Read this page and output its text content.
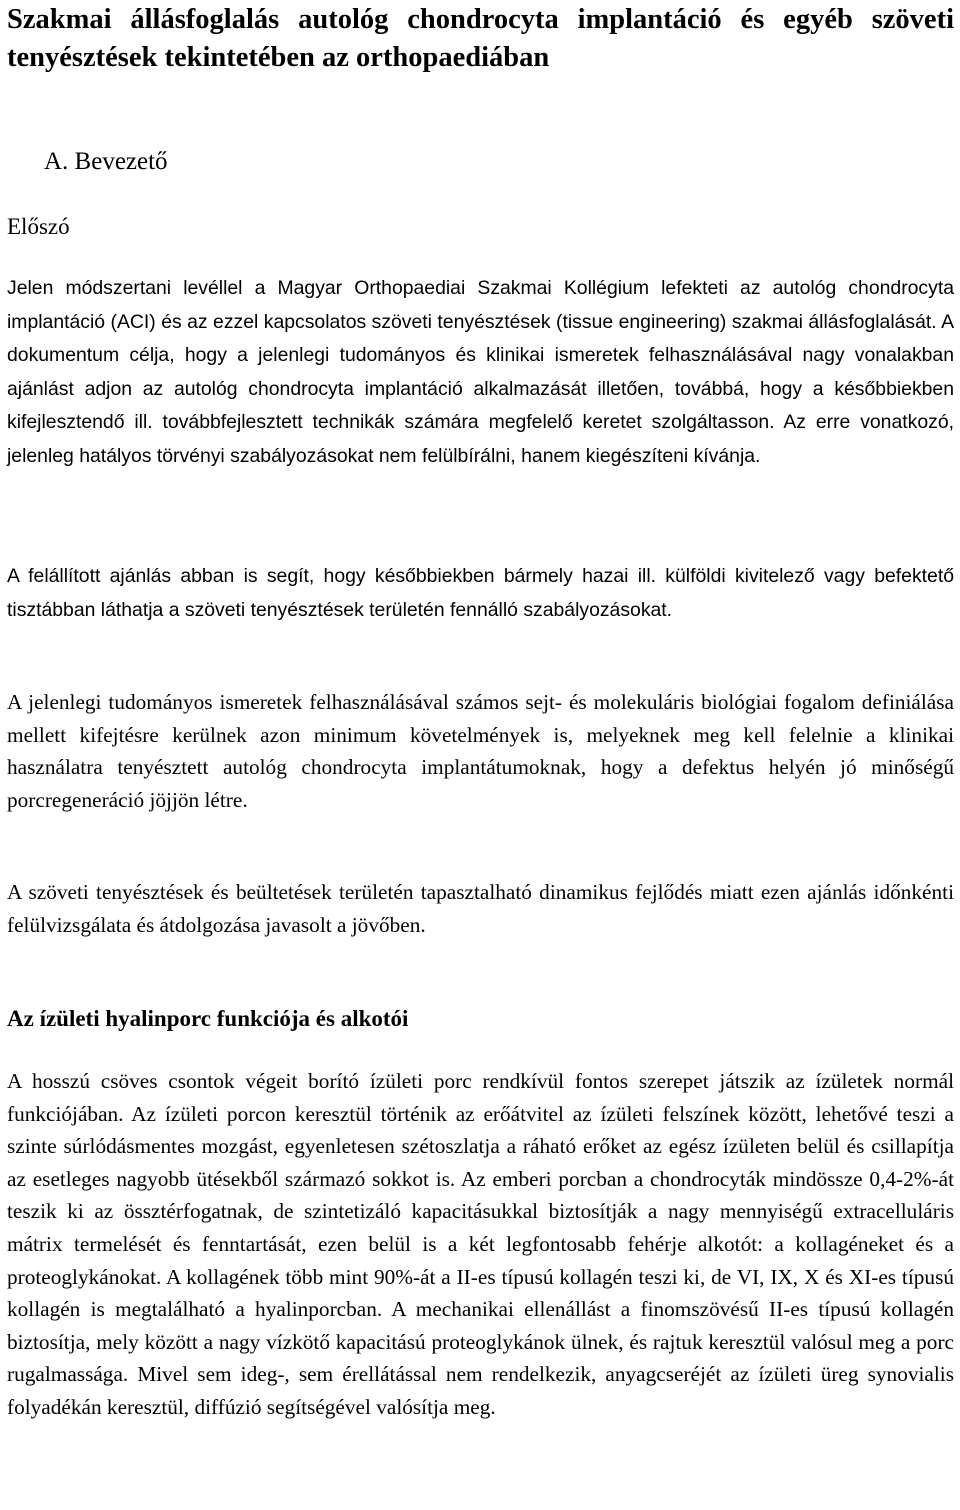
Szakmai állásfoglalás autológ chondrocyta implantáció és egyéb szöveti tenyésztések tekintetében az orthopaediában
A. Bevezető
Előszó

Jelen módszertani levéllel a Magyar Orthopaediai Szakmai Kollégium lefekteti az autológ chondrocyta implantáció (ACI) és az ezzel kapcsolatos szöveti tenyésztések (tissue engineering) szakmai állásfoglalását. A dokumentum célja, hogy a jelenlegi tudományos és klinikai ismeretek felhasználásával nagy vonalakban ajánlást adjon az autológ chondrocyta implantáció alkalmazását illetően, továbbá, hogy a későbbiekben kifejlesztendő ill. továbbfejlesztett technikák számára megfelelő keretet szolgáltasson. Az erre vonatkozó, jelenleg hatályos törvényi szabályozásokat nem felülbírálni, hanem kiegészíteni kívánja.

A felállított ajánlás abban is segít, hogy későbbiekben bármely hazai ill. külföldi kivitelező vagy befektető tisztábban láthatja a szöveti tenyésztések területén fennálló szabályozásokat.

A jelenlegi tudományos ismeretek felhasználásával számos sejt- és molekuláris biológiai fogalom definiálása mellett kifejtésre kerülnek azon minimum követelmények is, melyeknek meg kell felelnie a klinikai használatra tenyésztett autológ chondrocyta implantátumoknak, hogy a defektus helyén jó minőségű porcregeneráció jöjjön létre.

A szöveti tenyésztések és beültetések területén tapasztalható dinamikus fejlődés miatt ezen ajánlás időnkénti felülvizsgálata és átdolgozása javasolt a jövőben.

Az ízületi hyalinporc funkciója és alkotói

A hosszú csöves csontok végeit borító ízületi porc rendkívül fontos szerepet játszik az ízületek normál funkciójában. Az ízületi porcon keresztül történik az erőátvitel az ízületi felszínek között, lehetővé teszi a szinte súrlódásmentes mozgást, egyenletesen szétoszlatja a ráható erőket az egész ízületen belül és csillapítja az esetleges nagyobb ütésekből származó sokkot is. Az emberi porcban a chondrocyták mindössze 0,4-2%-át teszik ki az össztérfogatnak, de szintetizáló kapacitásukkal biztosítják a nagy mennyiségű extracelluláris mátrix termelését és fenntartását, ezen belül is a két legfontosabb fehérje alkotót: a kollagéneket és a proteoglykánokat. A kollagének több mint 90%-át a II-es típusú kollagén teszi ki, de VI, IX, X és XI-es típusú kollagén is megtalálható a hyalinporcban. A mechanikai ellenállást a finomszövésű II-es típusú kollagén biztosítja, mely között a nagy vízkötő kapacitású proteoglykánok ülnek, és rajtuk keresztül valósul meg a porc rugalmassága. Mivel sem ideg-, sem érellátással nem rendelkezik, anyagcseréjét az ízületi üreg synovialis folyadékán keresztül, diffúzió segítségével valósítja meg.
